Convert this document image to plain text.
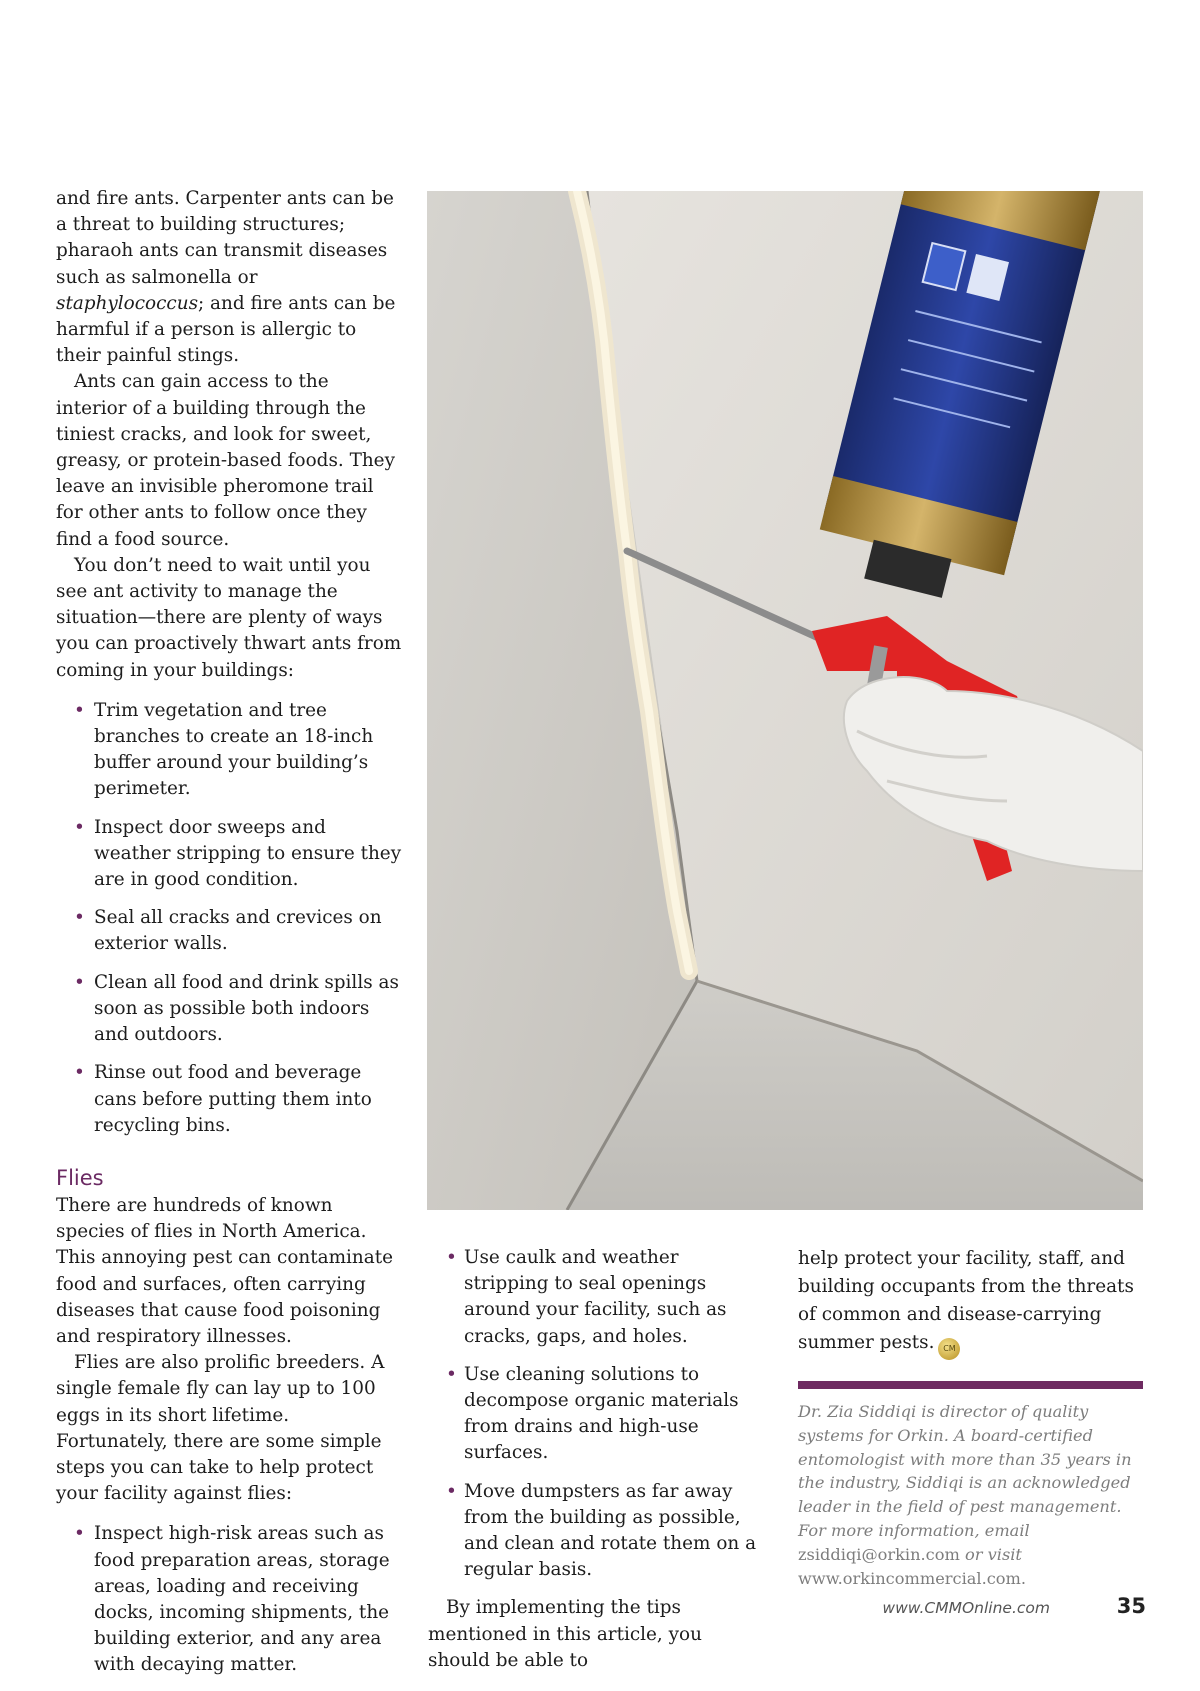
and fire ants. Carpenter ants can be a threat to building structures; pharaoh ants can transmit diseases such as salmonella or staphylococcus; and fire ants can be harmful if a person is allergic to their painful stings.

Ants can gain access to the interior of a building through the tiniest cracks, and look for sweet, greasy, or protein-based foods. They leave an invisible pheromone trail for other ants to follow once they find a food source.

You don’t need to wait until you see ant activity to manage the situation—there are plenty of ways you can proactively thwart ants from coming in your buildings:

• Trim vegetation and tree branches to create an 18-inch buffer around your building’s perimeter.
• Inspect door sweeps and weather stripping to ensure they are in good condition.
• Seal all cracks and crevices on exterior walls.
• Clean all food and drink spills as soon as possible both indoors and outdoors.
• Rinse out food and beverage cans before putting them into recycling bins.
Flies

There are hundreds of known species of flies in North America. This annoying pest can contaminate food and surfaces, often carrying diseases that cause food poisoning and respiratory illnesses.

Flies are also prolific breeders. A single female fly can lay up to 100 eggs in its short lifetime. Fortunately, there are some simple steps you can take to help protect your facility against flies:

• Inspect high-risk areas such as food preparation areas, storage areas, loading and receiving docks, incoming shipments, the building exterior, and any area with decaying matter.
• Use caulk and weather stripping to seal openings around your facility, such as cracks, gaps, and holes.
• Use cleaning solutions to decompose organic materials from drains and high-use surfaces.
• Move dumpsters as far away from the building as possible, and clean and rotate them on a regular basis.

By implementing the tips mentioned in this article, you should be able to

help protect your facility, staff, and building occupants from the threats of common and disease-carrying summer pests. CM

Dr. Zia Siddiqi is director of quality systems for Orkin. A board-certified entomologist with more than 35 years in the industry, Siddiqi is an acknowledged leader in the field of pest management. For more information, email zsiddiqi@orkin.com or visit www.orkincommercial.com.
www.CMMOnline.com	35
